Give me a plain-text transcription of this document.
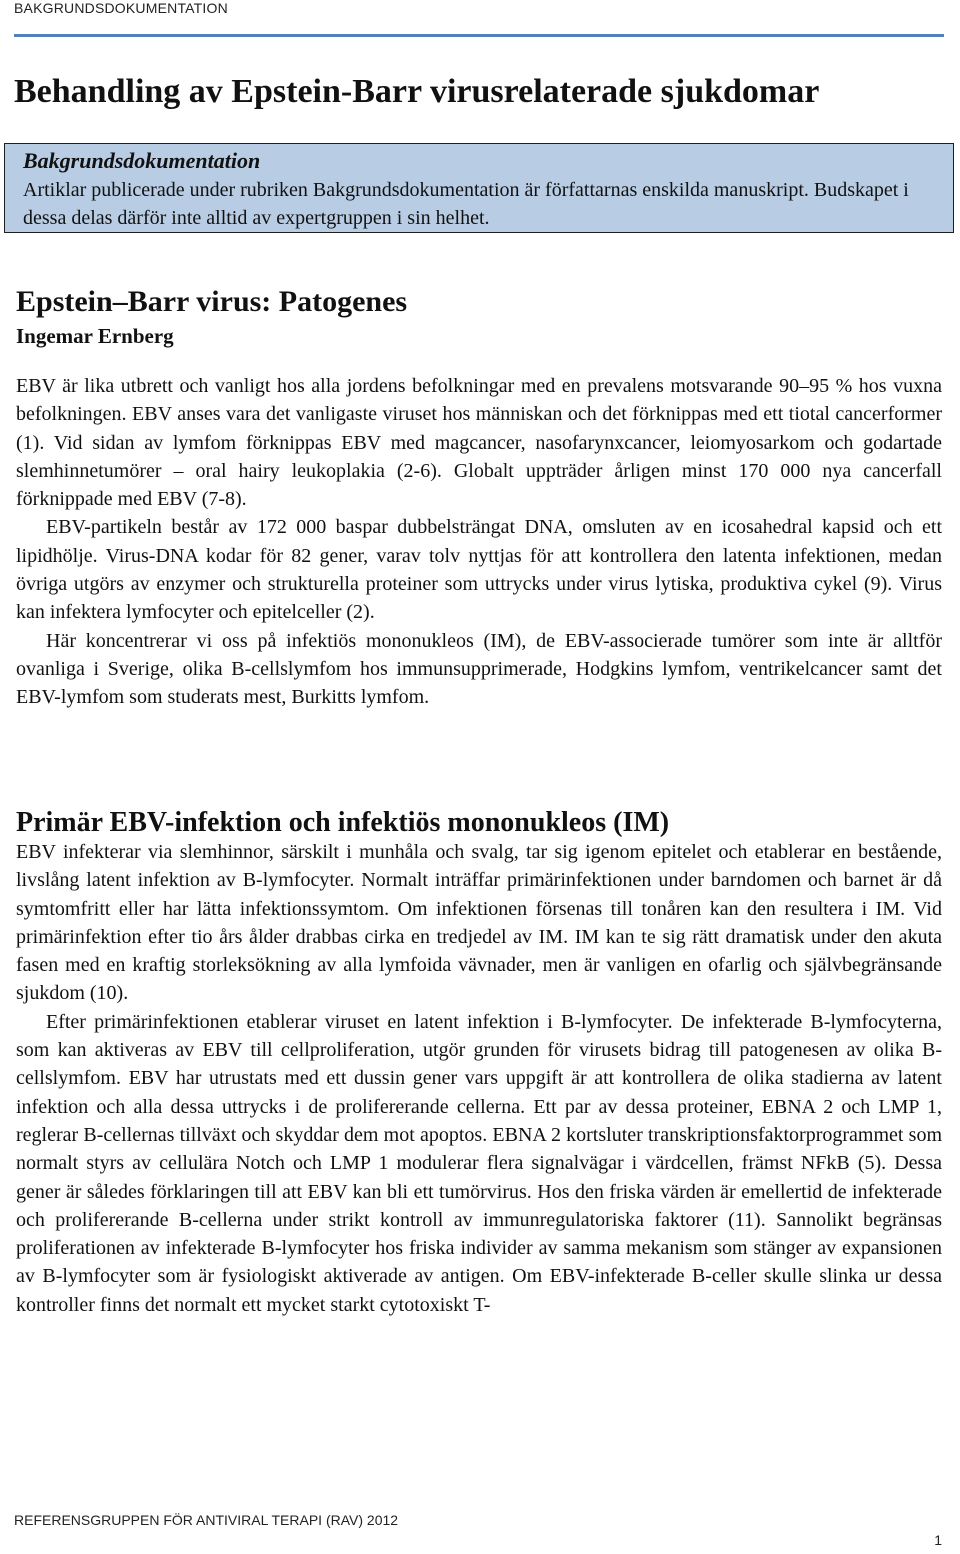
BAKGRUNDSDOKUMENTATION
Behandling av Epstein-Barr virusrelaterade sjukdomar
Bakgrundsdokumentation
Artiklar publicerade under rubriken Bakgrundsdokumentation är författarnas enskilda manuskript. Budskapet i dessa delas därför inte alltid av expertgruppen i sin helhet.
Epstein–Barr virus: Patogenes
Ingemar Ernberg

EBV är lika utbrett och vanligt hos alla jordens befolkningar med en prevalens motsvarande 90–95 % hos vuxna befolkningen. EBV anses vara det vanligaste viruset hos människan och det förknippas med ett tiotal cancerformer (1). Vid sidan av lymfom förknippas EBV med magcancer, nasofarynxcancer, leiomyosarkom och godartade slemhinnetumörer – oral hairy leukoplakia (2-6). Globalt uppträder årligen minst 170 000 nya cancerfall förknippade med EBV (7-8).

EBV-partikeln består av 172 000 baspar dubbelsträngat DNA, omsluten av en icosahedral kapsid och ett lipidhölje. Virus-DNA kodar för 82 gener, varav tolv nyttjas för att kontrollera den latenta infektionen, medan övriga utgörs av enzymer och strukturella proteiner som uttrycks under virus lytiska, produktiva cykel (9). Virus kan infektera lymfocyter och epitelceller (2).

Här koncentrerar vi oss på infektiös mononukleos (IM), de EBV-associerade tumörer som inte är alltför ovanliga i Sverige, olika B-cellslymfom hos immunsupprimerade, Hodgkins lymfom, ventrikelcancer samt det EBV-lymfom som studerats mest, Burkitts lymfom.

Primär EBV-infektion och infektiös mononukleos (IM)

EBV infekterar via slemhinnor, särskilt i munhåla och svalg, tar sig igenom epitelet och etablerar en bestående, livslång latent infektion av B-lymfocyter. Normalt inträffar primärinfektionen under barndomen och barnet är då symtomfritt eller har lätta infektionssymtom. Om infektionen försenas till tonåren kan den resultera i IM. Vid primärinfektion efter tio års ålder drabbas cirka en tredjedel av IM. IM kan te sig rätt dramatisk under den akuta fasen med en kraftig storleksökning av alla lymfoida vävnader, men är vanligen en ofarlig och självbegränsande sjukdom (10).

Efter primärinfektionen etablerar viruset en latent infektion i B-lymfocyter. De infekterade B-lymfocyterna, som kan aktiveras av EBV till cellproliferation, utgör grunden för virusets bidrag till patogenesen av olika B-cellslymfom. EBV har utrustats med ett dussin gener vars uppgift är att kontrollera de olika stadierna av latent infektion och alla dessa uttrycks i de prolifererande cellerna. Ett par av dessa proteiner, EBNA 2 och LMP 1, reglerar B-cellernas tillväxt och skyddar dem mot apoptos. EBNA 2 kortsluter transkriptionsfaktorprogrammet som normalt styrs av cellulära Notch och LMP 1 modulerar flera signalvägar i värdcellen, främst NFkB (5). Dessa gener är således förklaringen till att EBV kan bli ett tumörvirus. Hos den friska värden är emellertid de infekterade och prolifererande B-cellerna under strikt kontroll av immunregulatoriska faktorer (11). Sannolikt begränsas proliferationen av infekterade B-lymfocyter hos friska individer av samma mekanism som stänger av expansionen av B-lymfocyter som är fysiologiskt aktiverade av antigen. Om EBV-infekterade B-celler skulle slinka ur dessa kontroller finns det normalt ett mycket starkt cytotoxiskt T-

REFERENSGRUPPEN FÖR ANTIVIRAL TERAPI (RAV) 2012
1
